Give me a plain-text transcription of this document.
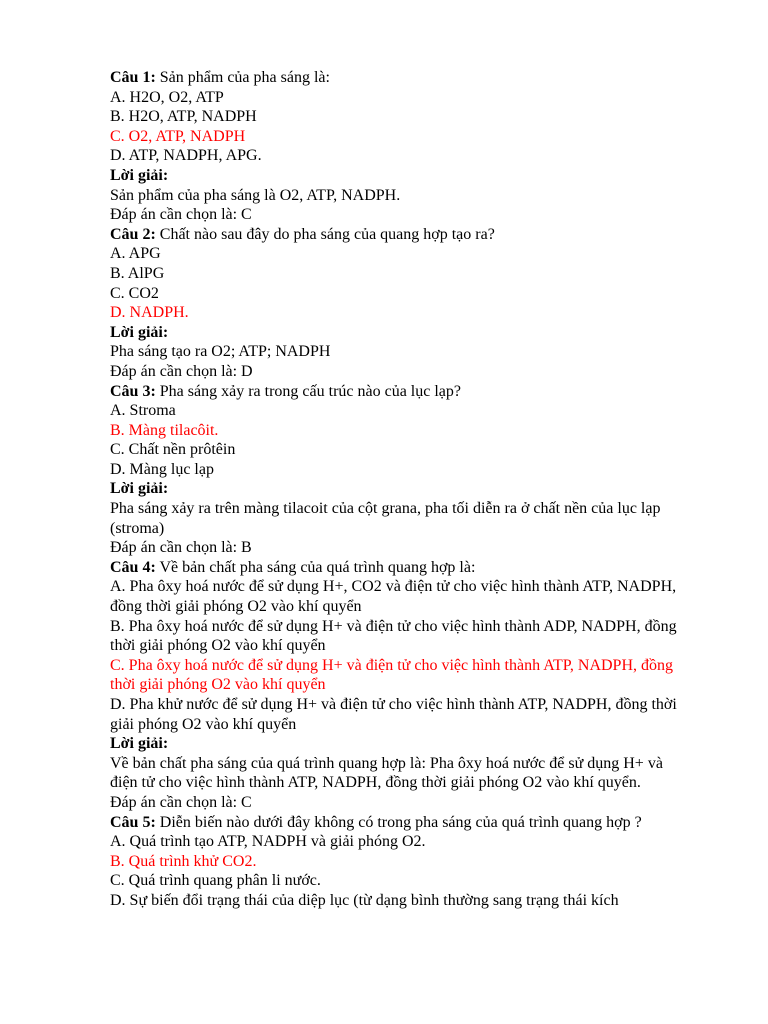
Câu 1: Sản phẩm của pha sáng là:

A. H2O, O2, ATP

B. H2O, ATP, NADPH

C. O2, ATP, NADPH

D. ATP, NADPH, APG.

Lời giải:

Sản phẩm của pha sáng là O2, ATP, NADPH.

Đáp án cần chọn là: C

Câu 2: Chất nào sau đây do pha sáng của quang hợp tạo ra?

A. APG

B. AlPG

C. CO2

D. NADPH.

Lời giải:

Pha sáng tạo ra O2; ATP; NADPH

Đáp án cần chọn là: D

Câu 3: Pha sáng xảy ra trong cấu trúc nào của lục lạp?

A. Stroma

B. Màng tilacôit.

C. Chất nền prôtêin

D. Màng lục lạp

Lời giải:

Pha sáng xảy ra trên màng tilacoit của cột grana, pha tối diễn ra ở chất nền của lục lạp (stroma)

Đáp án cần chọn là: B

Câu 4: Về bản chất pha sáng của quá trình quang hợp là:

A. Pha ôxy hoá nước để sử dụng H+, CO2 và điện tử cho việc hình thành ATP, NADPH, đồng thời giải phóng O2 vào khí quyển

B. Pha ôxy hoá nước để sử dụng H+ và điện tử cho việc hình thành ADP, NADPH, đồng thời giải phóng O2 vào khí quyển

C. Pha ôxy hoá nước để sử dụng H+ và điện tử cho việc hình thành ATP, NADPH, đồng thời giải phóng O2 vào khí quyển

D. Pha khử nước để sử dụng H+ và điện tử cho việc hình thành ATP, NADPH, đồng thời giải phóng O2 vào khí quyển

Lời giải:

Về bản chất pha sáng của quá trình quang hợp là: Pha ôxy hoá nước để sử dụng H+ và điện tử cho việc hình thành ATP, NADPH, đồng thời giải phóng O2 vào khí quyển.

Đáp án cần chọn là: C

Câu 5: Diễn biến nào dưới đây không có trong pha sáng của quá trình quang hợp ?

A. Quá trình tạo ATP, NADPH và giải phóng O2.

B. Quá trình khử CO2.

C. Quá trình quang phân li nước.

D. Sự biến đổi trạng thái của diệp lục (từ dạng bình thường sang trạng thái kích
